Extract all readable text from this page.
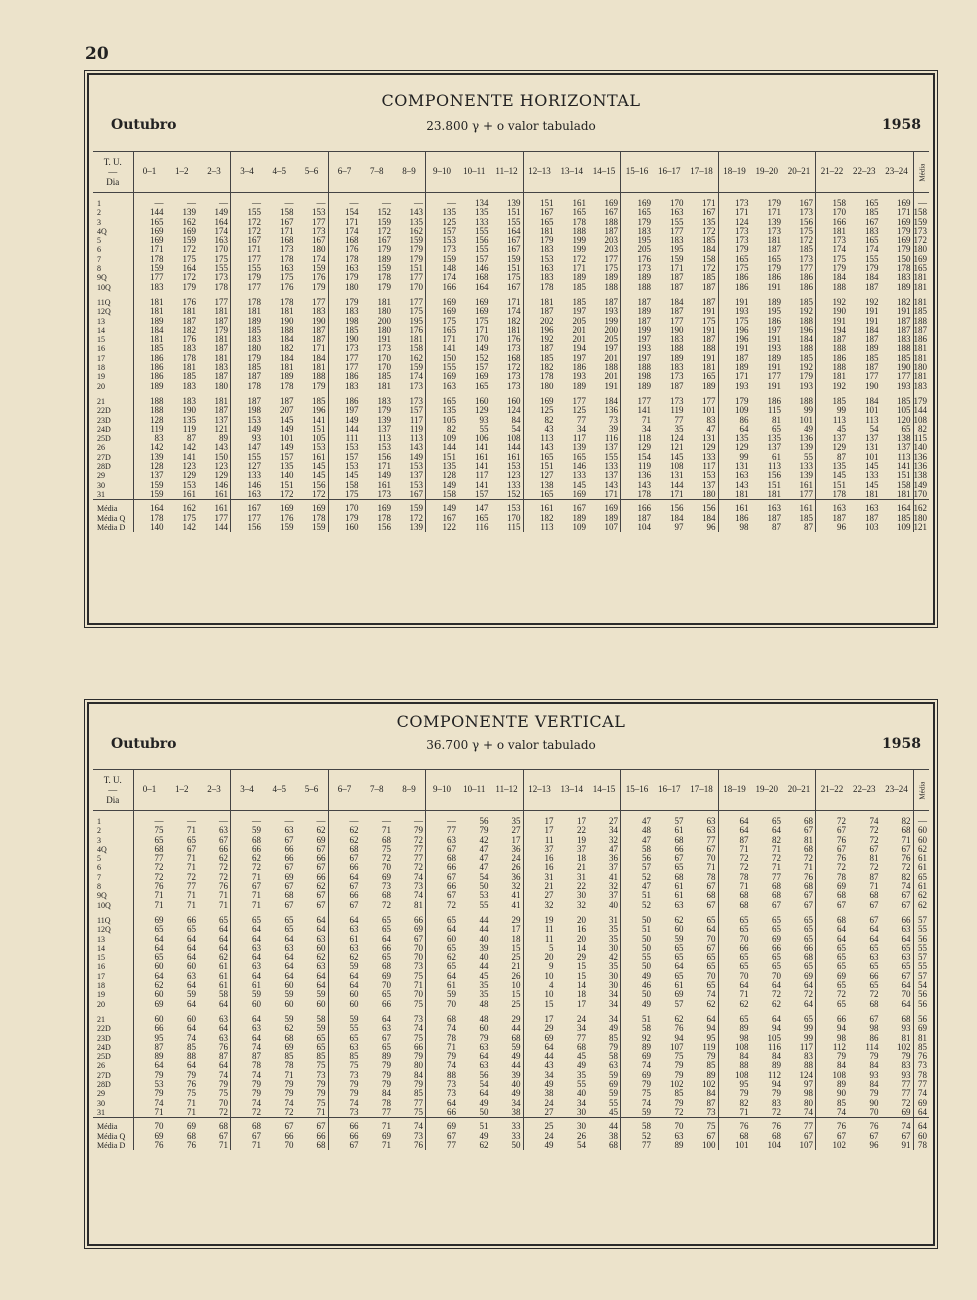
20
COMPONENTE HORIZONTAL
23.800 γ + o valor tabulado
Outubro	1958
T. U.
—
Dia	0–1	1–2	2–3	3–4	4–5	5–6	6–7	7–8	8–9	9–10	10–11	11–12	12–13	13–14	14–15	15–16	16–17	17–18	18–19	19–20	20–21	21–22	22–23	23–24	Média

1	—	—	—	—	—	—	—	—	—	—	134	139	151	161	169	169	170	171	173	179	167	158	165	169	—
2	144	139	149	155	158	153	154	152	143	135	135	151	167	165	167	165	163	167	171	171	173	170	185	171	158
3	165	162	164	172	167	177	171	159	135	125	133	155	165	178	188	179	155	135	124	139	156	166	167	169	159
4Q	169	169	174	172	171	173	174	172	162	157	155	164	181	188	187	183	177	172	173	173	175	181	183	179	173
5	169	159	163	167	168	167	168	167	159	153	156	167	179	199	203	195	183	185	173	181	172	173	165	169	172
6	171	172	170	171	173	180	176	179	179	173	155	167	183	199	203	205	195	184	179	187	185	174	174	179	180
7	178	175	175	177	178	174	178	189	179	159	157	159	153	172	177	176	159	158	165	165	173	175	155	150	169
8	159	164	155	155	163	159	163	159	151	148	146	151	163	171	175	173	171	172	175	179	177	179	179	178	165
9Q	177	172	173	179	175	176	179	178	177	174	168	175	183	189	189	189	187	185	186	186	186	184	184	183	181
10Q	183	179	178	177	176	179	180	179	170	166	164	167	178	185	188	188	187	187	186	191	186	188	187	189	181

11Q	181	176	177	178	178	177	179	181	177	169	169	171	181	185	187	187	184	187	191	189	185	192	192	182	181
12Q	181	181	181	181	181	183	183	180	175	169	169	174	187	197	193	189	187	191	193	195	192	190	191	191	185
13	189	187	187	189	190	190	198	200	195	175	175	182	202	205	199	187	177	175	175	186	188	191	191	187	188
14	184	182	179	185	188	187	185	180	176	165	171	181	196	201	200	199	190	191	196	197	196	194	184	187	187
15	181	176	181	183	184	187	190	191	181	171	170	176	192	201	205	197	183	187	196	191	184	187	187	183	186
16	185	183	187	180	182	171	173	173	158	141	149	173	187	194	197	193	188	188	191	193	188	188	189	188	181
17	186	178	181	179	184	184	177	170	162	150	152	168	185	197	201	197	189	191	187	189	185	186	185	185	181
18	186	181	183	185	181	181	177	170	159	155	157	172	182	186	188	188	183	181	189	191	192	188	187	190	180
19	186	185	187	187	189	188	186	185	174	169	169	173	178	193	201	198	173	165	171	177	179	181	177	177	181
20	189	183	180	178	178	179	183	181	173	163	165	173	180	189	191	189	187	189	193	191	193	192	190	193	183

21	188	183	181	187	187	185	186	183	173	165	160	160	169	177	184	177	173	177	179	186	188	185	184	185	179
22D	188	190	187	198	207	196	197	179	157	135	129	124	125	125	136	141	119	101	109	115	99	99	101	105	144
23D	128	135	137	153	145	141	149	139	117	105	93	84	82	77	73	71	77	83	86	81	101	113	113	120	108
24D	119	119	121	149	149	151	144	137	119	82	55	54	43	34	39	34	35	47	64	65	49	45	54	65	82
25D	83	87	89	93	101	105	111	113	113	109	106	108	113	117	116	118	124	131	135	135	136	137	137	138	115
26	142	142	143	147	149	153	153	153	143	144	141	144	143	139	137	129	121	129	129	137	139	129	131	137	140
27D	139	141	150	155	157	161	157	156	149	151	161	161	165	165	155	154	145	133	99	61	55	87	101	113	136
28D	128	123	123	127	135	145	153	171	153	135	141	153	151	146	133	119	108	117	131	113	133	135	145	141	136
29	137	129	129	133	140	145	145	149	137	128	117	123	127	133	137	136	131	153	163	156	139	145	133	151	138
30	159	153	146	146	151	156	158	161	153	149	141	133	138	145	143	143	144	137	143	151	161	151	145	158	149
31	159	161	161	163	172	172	175	173	167	158	157	152	165	169	171	178	171	180	181	181	177	178	181	181	170

Média	164	162	161	167	169	169	170	169	159	149	147	153	161	167	169	166	156	156	161	163	161	163	163	164	162
Média Q	178	175	177	177	176	178	179	178	172	167	165	170	182	189	189	187	184	184	186	187	185	187	187	185	180
Média D	140	142	144	156	159	159	160	156	139	122	116	115	113	109	107	104	97	96	98	87	87	96	103	109	121
COMPONENTE VERTICAL
36.700 γ + o valor tabulado
Outubro	1958
T. U.
—
Dia	0–1	1–2	2–3	3–4	4–5	5–6	6–7	7–8	8–9	9–10	10–11	11–12	12–13	13–14	14–15	15–16	16–17	17–18	18–19	19–20	20–21	21–22	22–23	23–24	Média

1	—	—	—	—	—	—	—	—	—	—	56	35	17	17	27	47	57	63	64	65	68	72	74	82	—
2	75	71	63	59	63	62	62	71	79	77	79	27	17	22	34	48	61	63	64	64	67	67	72	68	60
3	65	65	67	68	67	69	62	68	72	63	42	17	11	19	32	47	68	77	87	82	81	76	72	71	60
4Q	68	67	66	66	66	67	68	75	77	67	47	36	37	37	47	58	66	67	71	71	68	67	67	67	62
5	77	71	62	62	66	66	67	72	77	68	47	24	16	18	36	56	67	70	72	72	72	76	81	76	61
6	72	71	72	72	67	67	66	70	72	66	47	26	16	21	37	57	65	71	72	71	71	72	72	72	61
7	72	72	72	71	69	66	64	69	74	67	54	36	31	31	41	52	68	78	78	77	76	78	87	82	65
8	76	77	76	67	67	62	67	73	73	66	50	32	21	22	32	47	61	67	71	68	68	69	71	74	61
9Q	71	71	71	71	68	67	66	68	74	67	53	41	27	30	37	51	61	68	68	68	67	68	68	67	62
10Q	71	71	71	71	67	67	67	72	81	72	55	41	32	32	40	52	63	67	68	67	67	67	67	67	62

11Q	69	66	65	65	65	64	64	65	66	65	44	29	19	20	31	50	62	65	65	65	65	68	67	66	57
12Q	65	65	64	64	65	64	63	65	69	64	44	17	11	16	35	51	60	64	65	65	65	64	64	63	55
13	64	64	64	64	64	63	61	64	67	60	40	18	11	20	35	50	59	70	70	69	65	64	64	64	56
14	64	64	64	63	63	60	63	66	70	65	39	15	5	14	30	50	65	67	66	66	66	65	65	65	55
15	65	64	62	64	64	62	62	65	70	62	40	25	20	29	42	55	65	65	65	65	68	65	63	63	57
16	60	60	61	63	64	63	59	68	73	65	44	21	9	15	35	50	64	65	65	65	65	65	65	65	55
17	64	63	61	64	64	64	64	69	75	64	45	26	10	15	30	49	65	70	70	70	69	69	66	67	57
18	62	64	61	61	60	64	64	70	71	61	35	10	4	14	30	46	61	65	64	64	64	65	65	64	54
19	60	59	58	59	59	59	60	65	70	59	35	15	10	18	34	50	69	74	71	72	72	72	72	70	56
20	69	64	64	60	60	60	60	66	75	70	48	25	15	17	34	49	57	62	62	62	64	65	68	64	56

21	60	60	63	64	59	58	59	64	73	68	48	29	17	24	34	51	62	64	65	64	65	66	67	68	56
22D	66	64	64	63	62	59	55	63	74	74	60	44	29	34	49	58	76	94	89	94	99	94	98	93	69
23D	95	74	63	64	68	65	65	67	75	78	79	68	69	77	85	92	94	95	98	105	99	98	86	81	81
24D	87	85	76	74	69	65	63	65	66	71	63	59	64	68	79	89	107	119	108	116	117	112	114	102	85
25D	89	88	87	87	85	85	85	89	79	79	64	49	44	45	58	69	75	79	84	84	83	79	79	79	76
26	64	64	64	78	78	75	75	79	80	74	63	44	43	49	63	74	79	85	88	89	88	84	84	83	73
27D	79	79	74	74	71	73	73	79	84	88	56	39	34	35	59	69	79	89	108	112	124	108	93	93	78
28D	53	76	79	79	79	79	79	79	79	73	54	40	49	55	69	79	102	102	95	94	97	89	84	77	77
29	79	75	75	79	79	79	79	84	85	73	64	49	38	40	59	75	85	84	79	79	98	90	79	77	74
30	74	71	70	74	74	75	74	78	77	64	49	34	24	34	55	74	79	87	82	83	80	85	90	72	69
31	71	71	72	72	72	71	73	77	75	66	50	38	27	30	45	59	72	73	71	72	74	74	70	69	64

Média	70	69	68	68	67	67	66	71	74	69	51	33	25	30	44	58	70	75	76	76	77	76	76	74	64
Média Q	69	68	67	67	66	66	66	69	73	67	49	33	24	26	38	52	63	67	68	68	67	67	67	67	60
Média D	76	76	71	71	70	68	67	71	76	77	62	50	49	54	68	77	89	100	101	104	107	102	96	91	78
